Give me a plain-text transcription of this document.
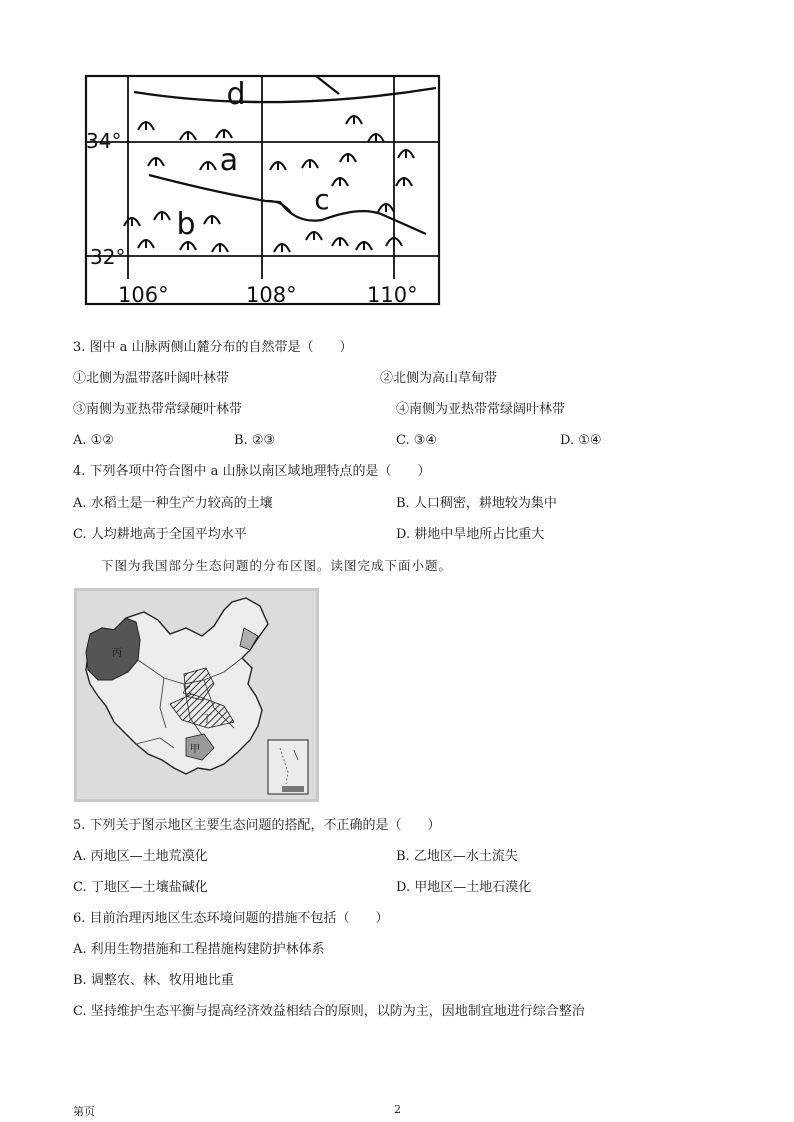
d
a
b
c
34°
32°
106°	108°	110°
3. 图中 a 山脉两侧山麓分布的自然带是（　　）
①北侧为温带落叶阔叶林带	②北侧为高山草甸带
③南侧为亚热带常绿硬叶林带	④南侧为亚热带常绿阔叶林带
A. ①②	B. ②③	C. ③④	D. ①④
4. 下列各项中符合图中 a 山脉以南区域地理特点的是（　　）
A. 水稻土是一种生产力较高的土壤	B. 人口稠密，耕地较为集中
C. 人均耕地高于全国平均水平	D. 耕地中旱地所占比重大
下图为我国部分生态问题的分布区图。读图完成下面小题。
丙
乙
丁
甲
5. 下列关于图示地区主要生态问题的搭配，不正确的是（　　）
A. 丙地区—土地荒漠化	B. 乙地区—水土流失
C. 丁地区—土壤盐碱化	D. 甲地区—土地石漠化
6. 目前治理丙地区生态环境问题的措施不包括（　　）
A. 利用生物措施和工程措施构建防护林体系
B. 调整农、林、牧用地比重
C. 坚持维护生态平衡与提高经济效益相结合的原则，以防为主，因地制宜地进行综合整治
第页	2
